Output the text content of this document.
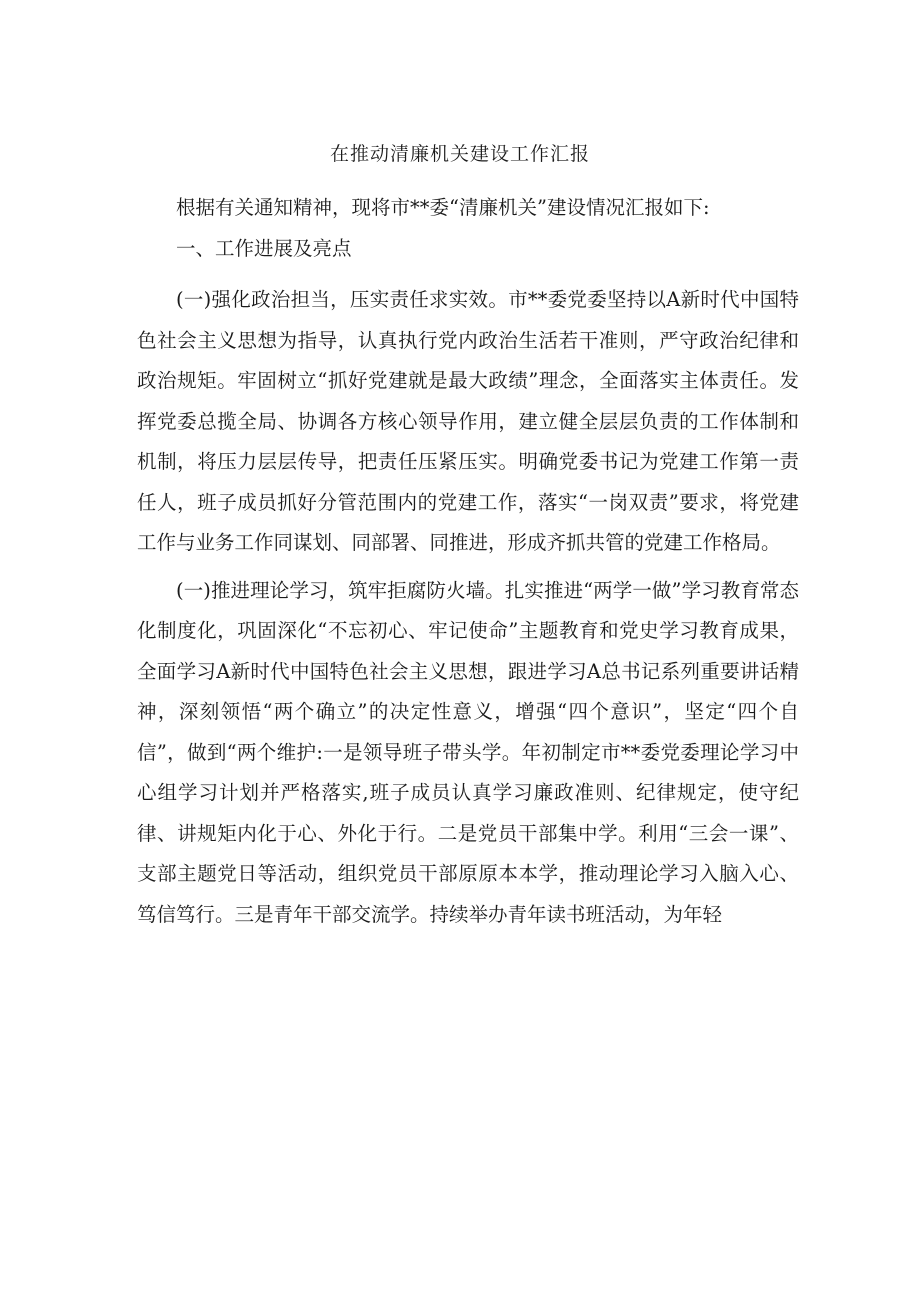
在推动清廉机关建设工作汇报

根据有关通知精神，现将市**委“清廉机关”建设情况汇报如下:

一、工作进展及亮点

(一)强化政治担当，压实责任求实效。市**委党委坚持以A新时代中国特色社会主义思想为指导，认真执行党内政治生活若干准则，严守政治纪律和政治规矩。牢固树立“抓好党建就是最大政绩”理念，全面落实主体责任。发挥党委总揽全局、协调各方核心领导作用，建立健全层层负责的工作体制和机制，将压力层层传导，把责任压紧压实。明确党委书记为党建工作第一责任人，班子成员抓好分管范围内的党建工作，落实“一岗双责”要求，将党建工作与业务工作同谋划、同部署、同推进，形成齐抓共管的党建工作格局。

(一)推进理论学习，筑牢拒腐防火墙。扎实推进“两学一做”学习教育常态化制度化，巩固深化“不忘初心、牢记使命”主题教育和党史学习教育成果，全面学习A新时代中国特色社会主义思想，跟进学习A总书记系列重要讲话精神，深刻领悟“两个确立”的决定性意义，增强“四个意识”，坚定“四个自信”，做到“两个维护:一是领导班子带头学。年初制定市**委党委理论学习中心组学习计划并严格落实,班子成员认真学习廉政准则、纪律规定，使守纪律、讲规矩内化于心、外化于行。二是党员干部集中学。利用“三会一课”、支部主题党日等活动，组织党员干部原原本本学，推动理论学习入脑入心、笃信笃行。三是青年干部交流学。持续举办青年读书班活动，为年轻
